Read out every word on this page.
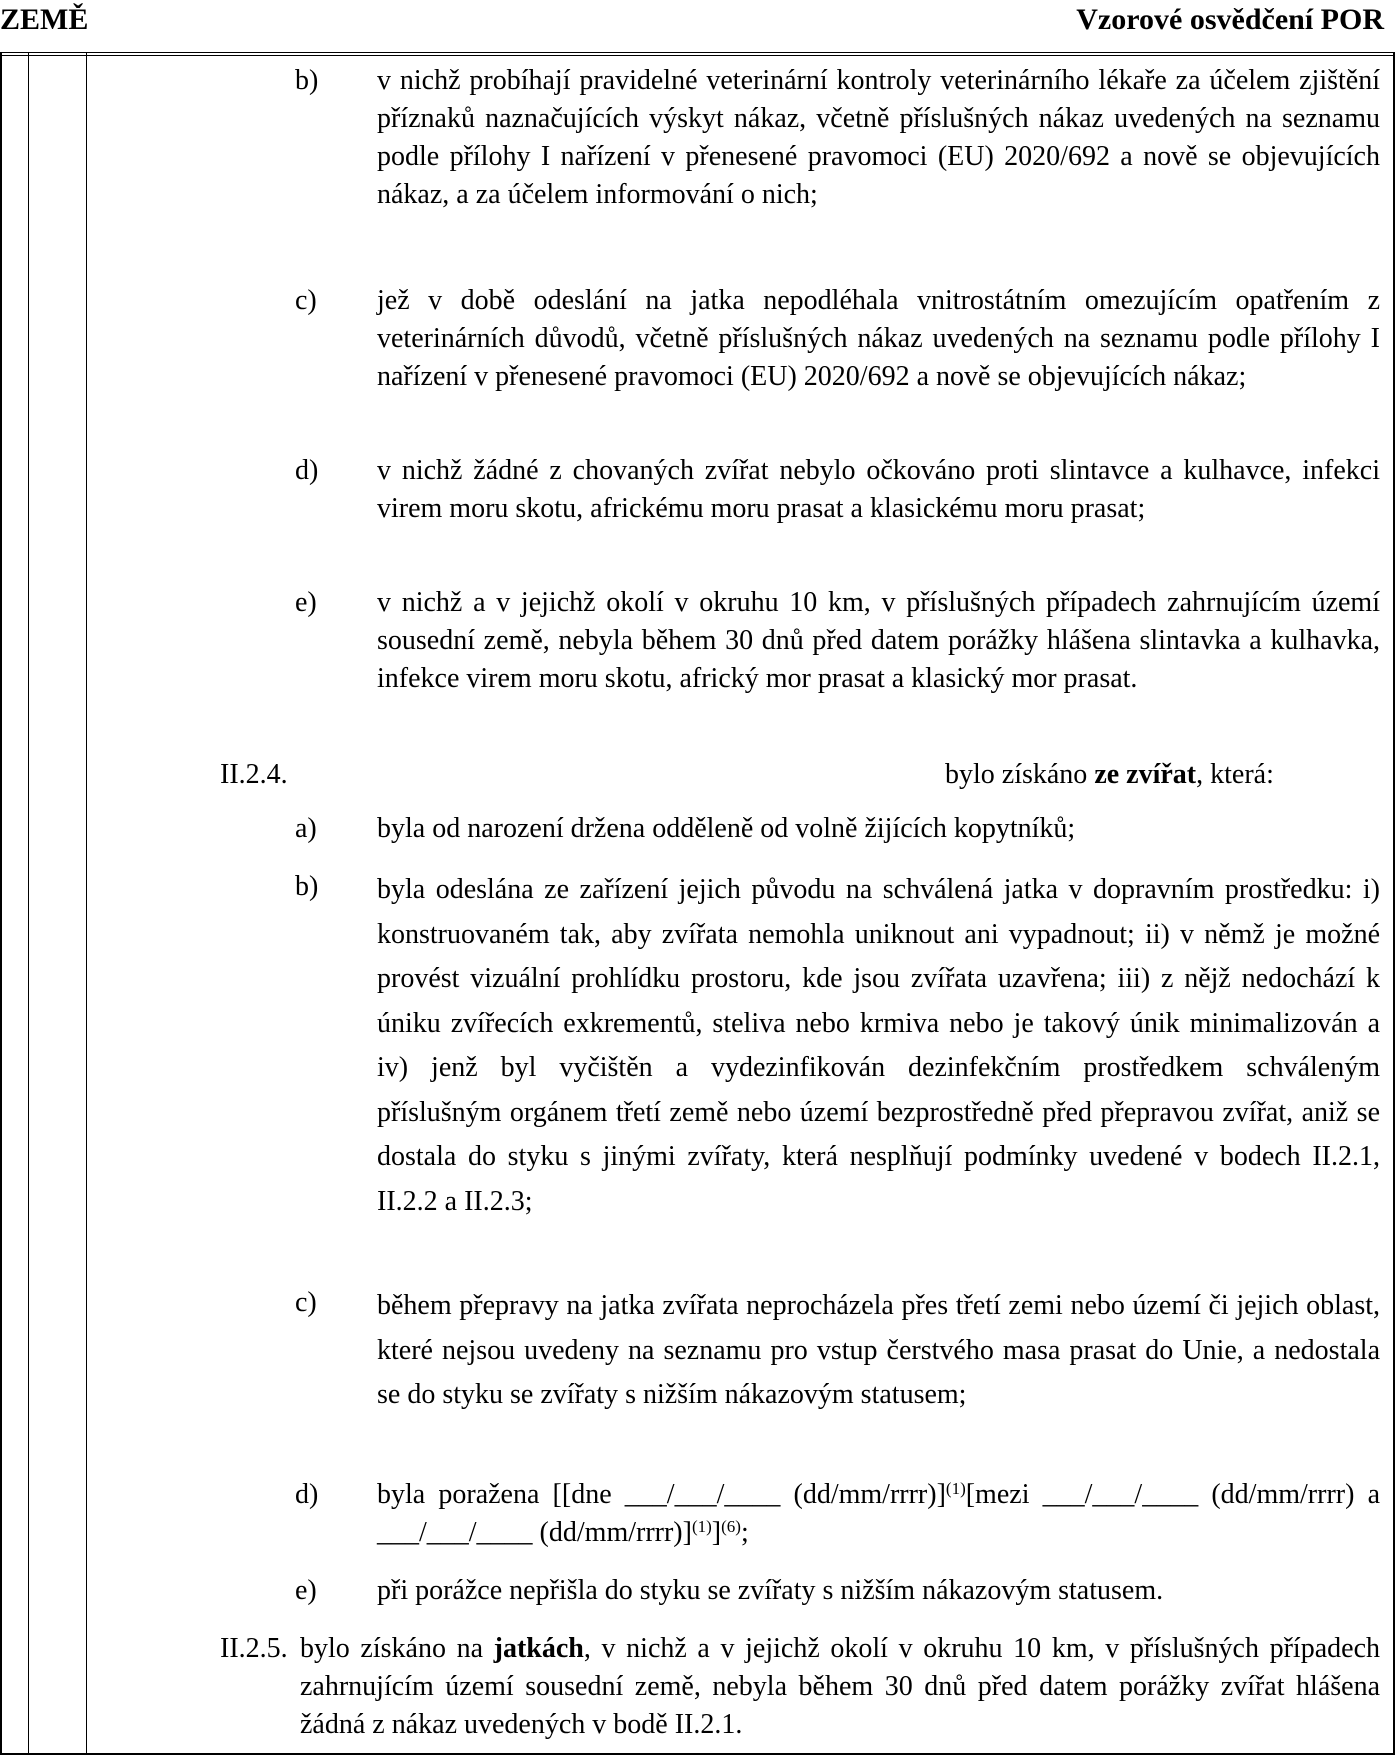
ZEMĚ	Vzorové osvědčení POR
b) v nichž probíhají pravidelné veterinární kontroly veterinárního lékaře za účelem zjištění příznaků naznačujících výskyt nákaz, včetně příslušných nákaz uvedených na seznamu podle přílohy I nařízení v přenesené pravomoci (EU) 2020/692 a nově se objevujících nákaz, a za účelem informování o nich;
c) jež v době odeslání na jatka nepodléhala vnitrostátním omezujícím opatřením z veterinárních důvodů, včetně příslušných nákaz uvedených na seznamu podle přílohy I nařízení v přenesené pravomoci (EU) 2020/692 a nově se objevujících nákaz;
d) v nichž žádné z chovaných zvířat nebylo očkováno proti slintavce a kulhavce, infekci virem moru skotu, africkému moru prasat a klasickému moru prasat;
e) v nichž a v jejichž okolí v okruhu 10 km, v příslušných případech zahrnujícím území sousední země, nebyla během 30 dnů před datem porážky hlášena slintavka a kulhavka, infekce virem moru skotu, africký mor prasat a klasický mor prasat.
II.2.4.	bylo získáno ze zvířat, která:
a) byla od narození držena odděleně od volně žijících kopytníků;
b) byla odeslána ze zařízení jejich původu na schválená jatka v dopravním prostředku: i) konstruovaném tak, aby zvířata nemohla uniknout ani vypadnout; ii) v němž je možné provést vizuální prohlídku prostoru, kde jsou zvířata uzavřena; iii) z nějž nedochází k úniku zvířecích exkrementů, steliva nebo krmiva nebo je takový únik minimalizován a iv) jenž byl vyčištěn a vydezinfikován dezinfekčním prostředkem schváleným příslušným orgánem třetí země nebo území bezprostředně před přepravou zvířat, aniž se dostala do styku s jinými zvířaty, která nesplňují podmínky uvedené v bodech II.2.1, II.2.2 a II.2.3;
c) během přepravy na jatka zvířata neprocházela přes třetí zemi nebo území či jejich oblast, které nejsou uvedeny na seznamu pro vstup čerstvého masa prasat do Unie, a nedostala se do styku se zvířaty s nižším nákazovým statusem;
d) byla poražena [[dne ___/___/____ (dd/mm/rrrr)]$^{(1)}$[mezi ___/___/____ (dd/mm/rrrr) a ___/___/____ (dd/mm/rrrr)]$^{(1)}$]$^{(6)}$;
e) při porážce nepřišla do styku se zvířaty s nižším nákazovým statusem.
II.2.5. bylo získáno na jatkách, v nichž a v jejichž okolí v okruhu 10 km, v příslušných případech zahrnujícím území sousední země, nebyla během 30 dnů před datem porážky zvířat hlášena žádná z nákaz uvedených v bodě II.2.1.
